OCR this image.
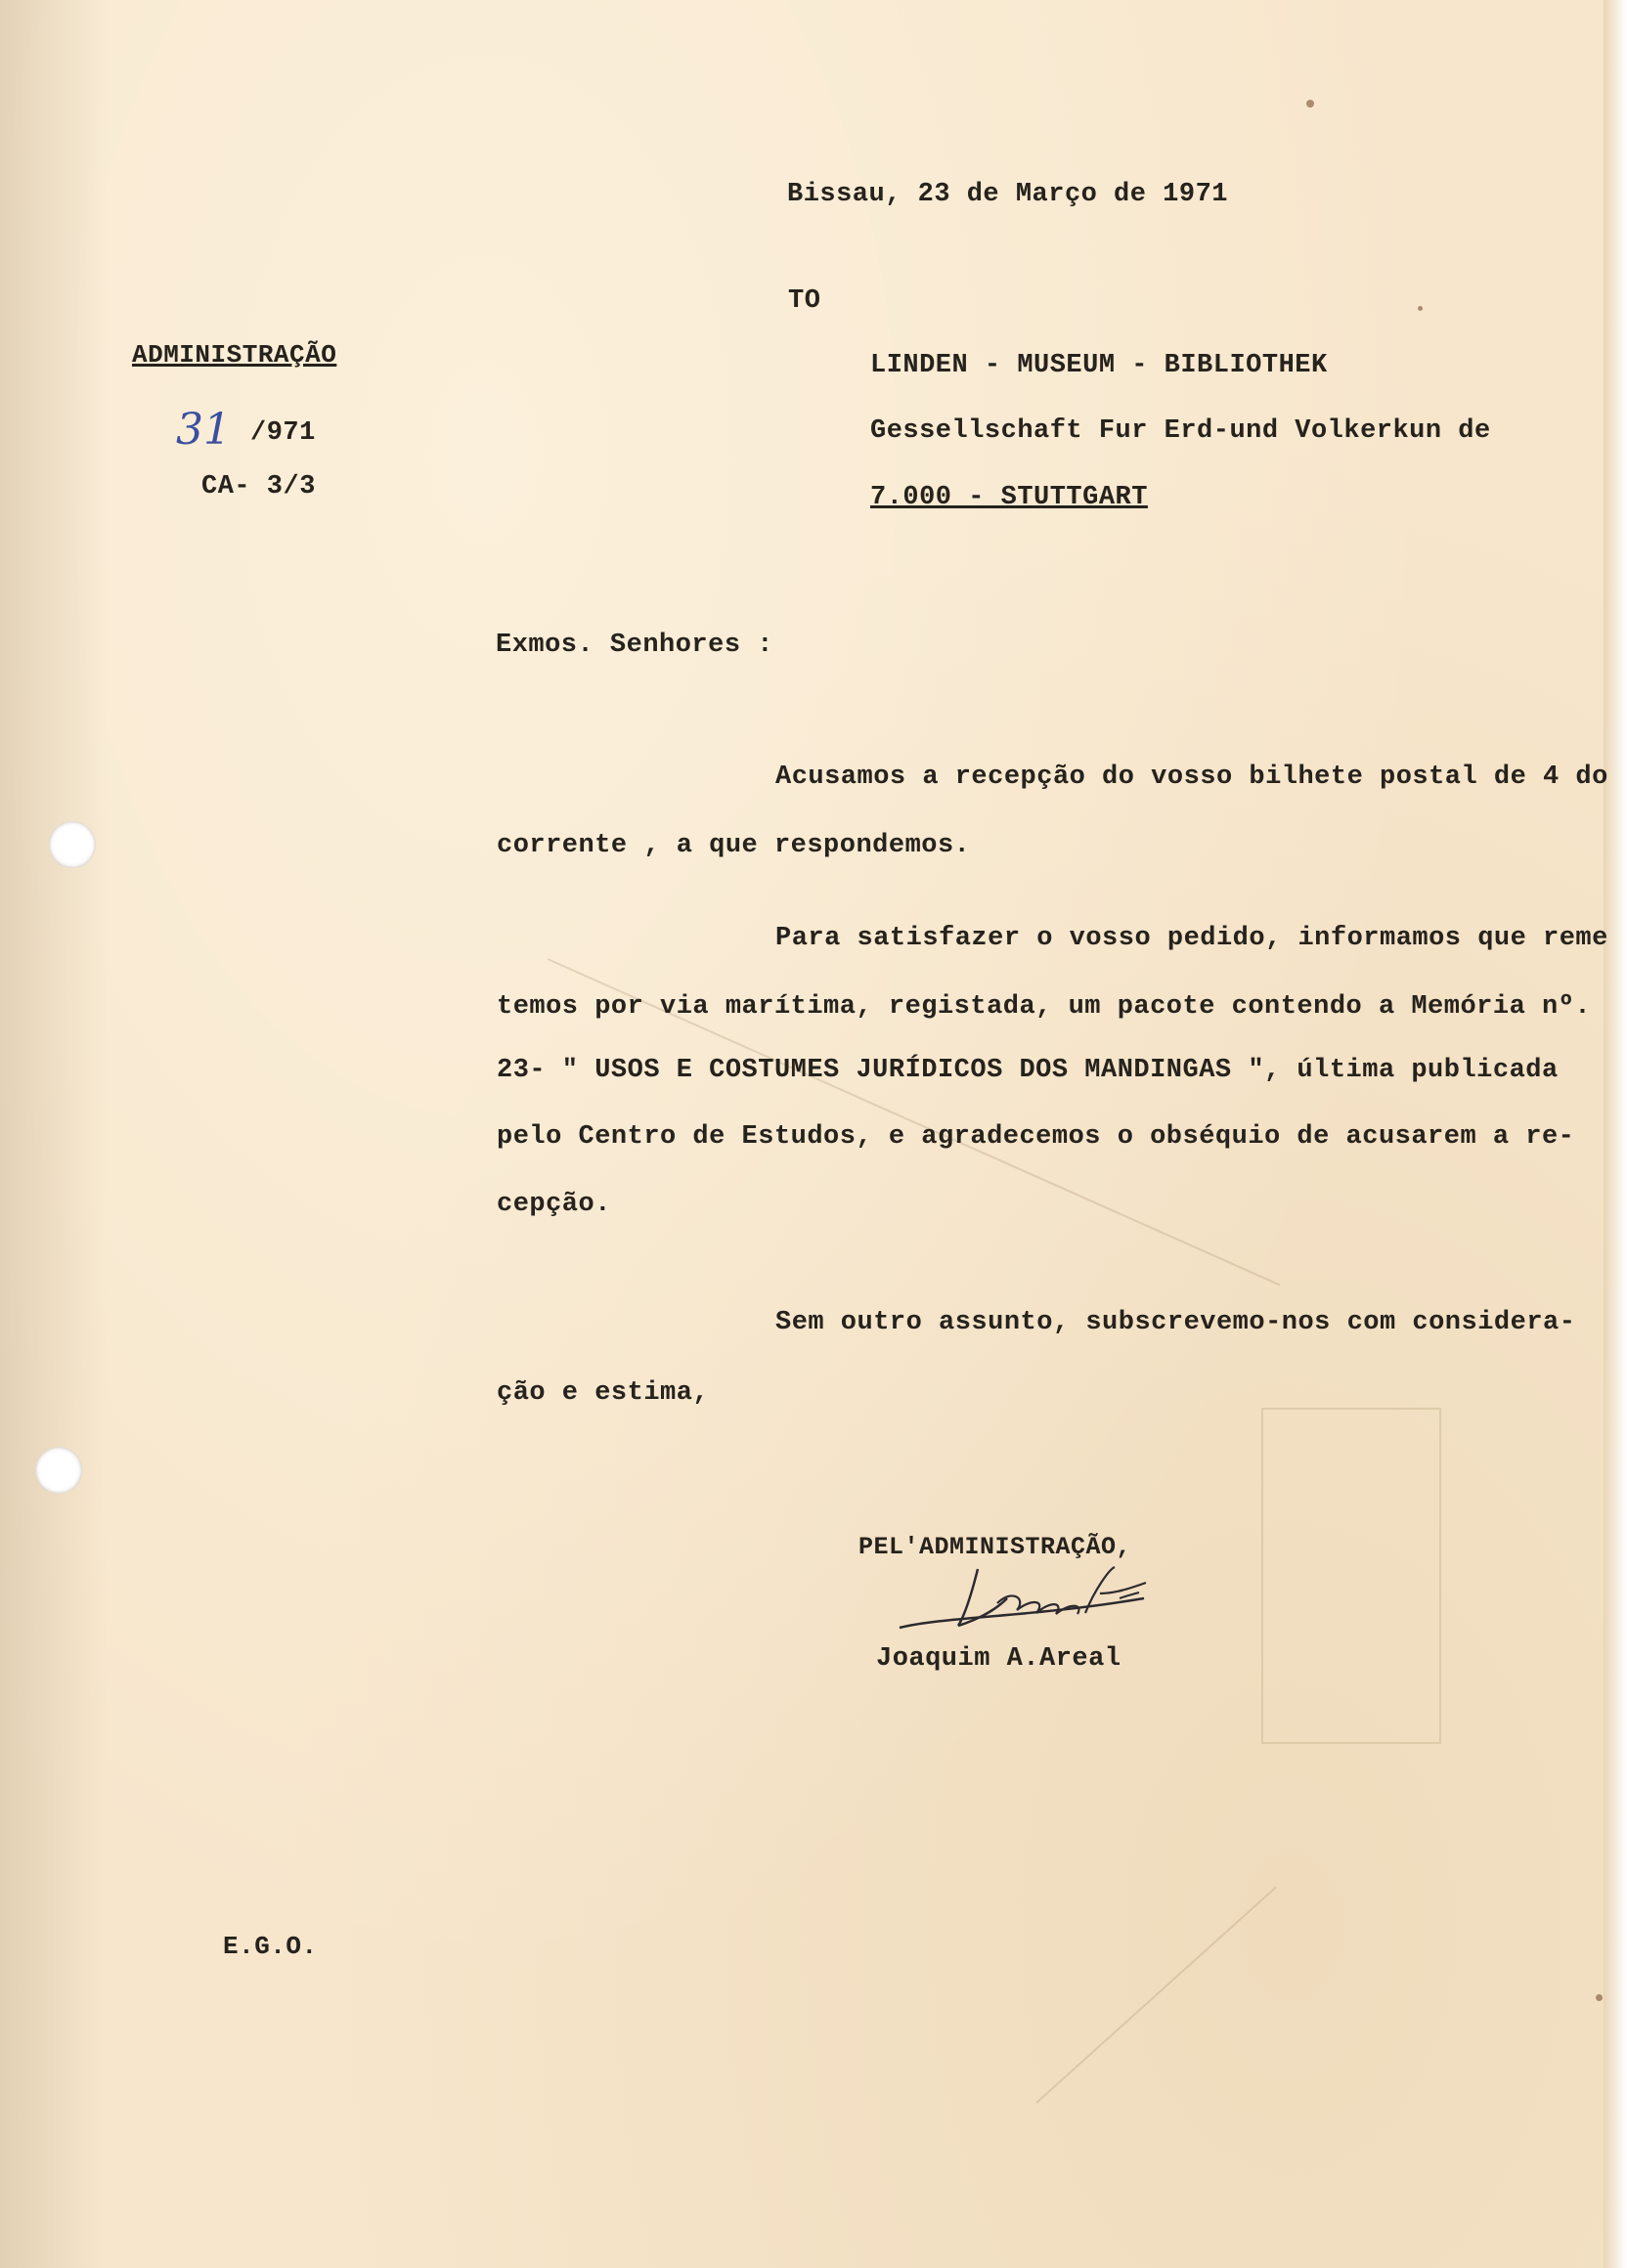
Bissau, 23 de Março de 1971
TO
LINDEN - MUSEUM - BIBLIOTHEK
Gessellschaft Fur Erd-und Volkerkun de
7.000 - STUTTGART
ADMINISTRAÇÃO
31 /971
CA- 3/3
Exmos. Senhores :
Acusamos a recepção do vosso bilhete postal de 4 do
corrente , a que respondemos.
Para satisfazer o vosso pedido, informamos que reme
temos por via marítima, registada, um pacote contendo a Memória nº.
23- " USOS E COSTUMES JURÍDICOS DOS MANDINGAS ", última publicada
pelo Centro de Estudos, e agradecemos o obséquio de acusarem a re-
cepção.
Sem outro assunto, subscrevemo-nos com considera-
ção e estima,
PEL'ADMINISTRAÇÃO,
Joaquim A.Areal
E.G.O.
